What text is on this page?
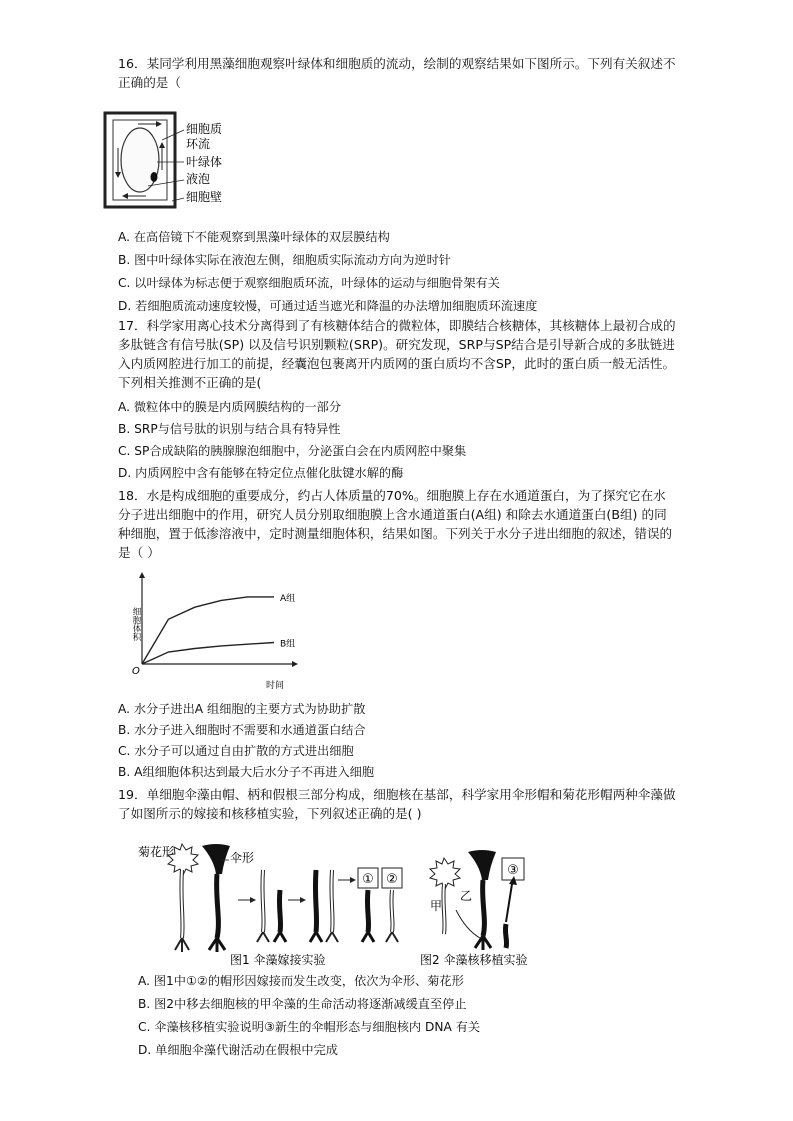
16．某同学利用黑藻细胞观察叶绿体和细胞质的流动，绘制的观察结果如下图所示。下列有关叙述不正确的是（
细胞质
环流
叶绿体
液泡
细胞壁
A. 在高倍镜下不能观察到黑藻叶绿体的双层膜结构
B. 图中叶绿体实际在液泡左侧，细胞质实际流动方向为逆时针
C. 以叶绿体为标志便于观察细胞质环流，叶绿体的运动与细胞骨架有关
D. 若细胞质流动速度较慢，可通过适当遮光和降温的办法增加细胞质环流速度
17．科学家用离心技术分离得到了有核糖体结合的微粒体，即膜结合核糖体，其核糖体上最初合成的多肽链含有信号肽(SP) 以及信号识别颗粒(SRP)。研究发现，SRP与SP结合是引导新合成的多肽链进入内质网腔进行加工的前提，经囊泡包裹离开内质网的蛋白质均不含SP，此时的蛋白质一般无活性。下列相关推测不正确的是(
A. 微粒体中的膜是内质网膜结构的一部分
B. SRP与信号肽的识别与结合具有特异性
C. SP合成缺陷的胰腺腺泡细胞中，分泌蛋白会在内质网腔中聚集
D. 内质网腔中含有能够在特定位点催化肽键水解的酶
18．水是构成细胞的重要成分，约占人体质量的70%。细胞膜上存在水通道蛋白，为了探究它在水分子进出细胞中的作用，研究人员分别取细胞膜上含水通道蛋白(A组) 和除去水通道蛋白(B组) 的同种细胞，置于低渗溶液中，定时测量细胞体积，结果如图。下列关于水分子进出细胞的叙述，错误的是（ ）
细胞体积
时间
O
A组
B组
A. 水分子进出A 组细胞的主要方式为协助扩散
B. 水分子进入细胞时不需要和水通道蛋白结合
C. 水分子可以通过自由扩散的方式进出细胞
B. A组细胞体积达到最大后水分子不再进入细胞
19．单细胞伞藻由帽、柄和假根三部分构成，细胞核在基部，科学家用伞形帽和菊花形帽两种伞藻做了如图所示的嫁接和核移植实验，下列叙述正确的是( )
菊花形	伞形
① ②
甲
乙
③
图1 伞藻嫁接实验	图2 伞藻核移植实验
A. 图1中①②的帽形因嫁接而发生改变，依次为伞形、菊花形
B. 图2中移去细胞核的甲伞藻的生命活动将逐渐减缓直至停止
C. 伞藻核移植实验说明③新生的伞帽形态与细胞核内 DNA 有关
D. 单细胞伞藻代谢活动在假根中完成
